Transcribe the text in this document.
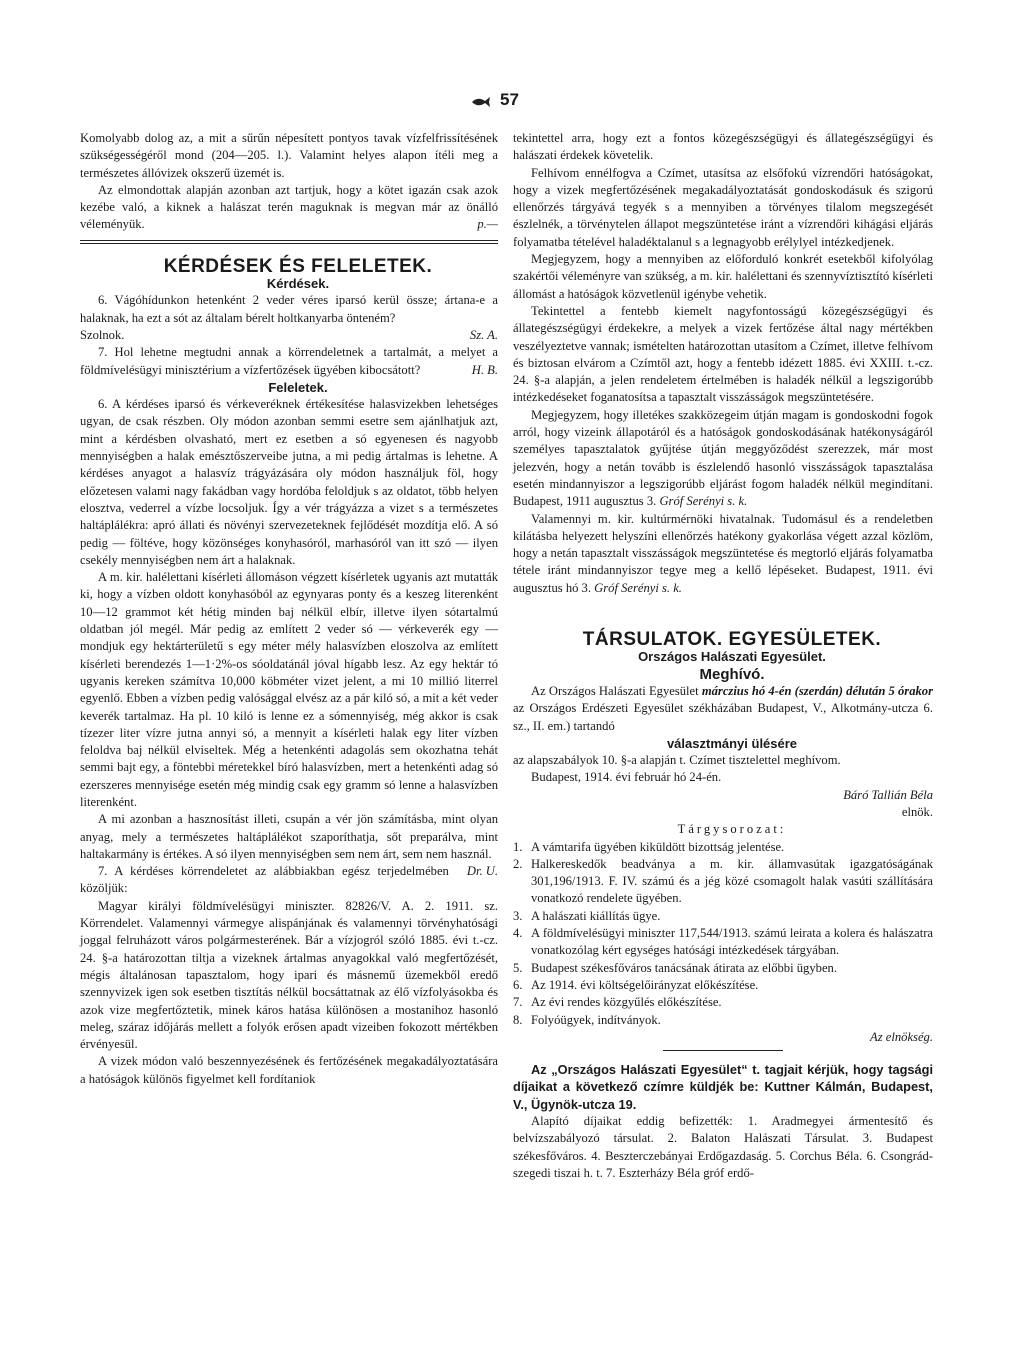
57

Komolyabb dolog az, a mit a sűrűn népesített pontyos tavak vízfelfrissítésének szükségességéről mond (204—205. l.). Valamint helyes alapon ítéli meg a természetes állóvizek okszerű üzemét is.

Az elmondottak alapján azonban azt tartjuk, hogy a kötet igazán csak azok kezébe való, a kiknek a halászat terén maguknak is megvan már az önálló véleményük.	p.—

KÉRDÉSEK ÉS FELELETEK.

Kérdések.

6. Vágóhídunkon hetenként 2 veder véres iparsó kerül össze; ártana-e a halaknak, ha ezt a sót az általam bérelt holtkanyarba önteném?

Szolnok.	Sz. A.

7. Hol lehetne megtudni annak a körrendeletnek a tartalmát, a melyet a földmívelésügyi minisztérium a vízfertőzések ügyében kibocsátott?	H. B.

Feleletek.

6. A kérdéses iparsó és vérkeveréknek értékesítése halasvizekben lehetséges ugyan, de csak részben. Oly módon azonban semmi esetre sem ajánlhatjuk azt, mint a kérdésben olvasható, mert ez esetben a só egyenesen és nagyobb mennyiségben a halak emésztőszerveibe jutna, a mi pedig ártalmas is lehetne. A kérdéses anyagot a halasvíz trágyázására oly módon használjuk föl, hogy előzetesen valami nagy fakádban vagy hordóba feloldjuk s az oldatot, több helyen elosztva, vederrel a vízbe locsoljuk. Így a vér trágyázza a vizet s a természetes haltáplálékra: apró állati és növényi szervezeteknek fejlődését mozdítja elő. A só pedig — föltéve, hogy közönséges konyhasóról, marhasóról van itt szó — ilyen csekély mennyiségben nem árt a halaknak.

A m. kir. halélettani kísérleti állomáson végzett kísérletek ugyanis azt mutatták ki, hogy a vízben oldott konyhasóból az egynyaras ponty és a keszeg literenként 10—12 grammot két hétig minden baj nélkül elbír, illetve ilyen sótartalmú oldatban jól megél. Már pedig az említett 2 veder só — vérkeverék egy — mondjuk egy hektárterületű s egy méter mély halasvízben eloszolva az említett kísérleti berendezés 1—1·2%-os sóoldatánál jóval hígabb lesz. Az egy hektár tó ugyanis kereken számítva 10,000 köbméter vizet jelent, a mi 10 millió literrel egyenlő. Ebben a vízben pedig valósággal elvész az a pár kiló só, a mit a két veder keverék tartalmaz. Ha pl. 10 kiló is lenne ez a sómennyiség, még akkor is csak tízezer liter vízre jutna annyi só, a mennyit a kísérleti halak egy liter vízben feloldva baj nélkül elviseltek. Még a hetenkénti adagolás sem okozhatna tehát semmi bajt egy, a föntebbi méretekkel bíró halasvízben, mert a hetenkénti adag só ezerszeres mennyisége esetén még mindig csak egy gramm só lenne a halasvízben literenként.

A mi azonban a hasznosítást illeti, csupán a vér jön számításba, mint olyan anyag, mely a természetes haltáplálékot szaporíthatja, sőt preparálva, mint haltakarmány is értékes. A só ilyen mennyiségben sem nem árt, sem nem használ.
Dr. U.

7. A kérdéses körrendeletet az alábbiakban egész terjedelmében közöljük:

Magyar királyi földmívelésügyi miniszter. 82826/V. A. 2. 1911. sz. Körrendelet. Valamennyi vármegye alispánjának és valamennyi törvényhatósági joggal felruházott város polgármesterének. Bár a vízjogról szóló 1885. évi t.-cz. 24. §-a határozottan tiltja a vizeknek ártalmas anyagokkal való megfertőzését, mégis általánosan tapasztalom, hogy ipari és másnemű üzemekből eredő szennyvizek igen sok esetben tisztítás nélkül bocsáttatnak az élő vízfolyásokba és azok vize megfertőztetik, minek káros hatása különösen a mostanihoz hasonló meleg, száraz időjárás mellett a folyók erősen apadt vizeiben fokozott mértékben érvényesül.

A vizek módon való beszennyezésének és fertőzésének megakadályoztatására a hatóságok különös figyelmet kell fordítaniok

tekintettel arra, hogy ezt a fontos közegészségügyi és állategészségügyi és halászati érdekek követelik.

Felhívom ennélfogva a Czímet, utasítsa az elsőfokú vízrendőri hatóságokat, hogy a vizek megfertőzésének megakadályoztatását gondoskodásuk és szigorú ellenőrzés tárgyává tegyék s a mennyiben a törvényes tilalom megszegését észlelnék, a törvénytelen állapot megszüntetése iránt a vízrendőri kihágási eljárás folyamatba tételével haladéktalanul s a legnagyobb erélylyel intézkedjenek.

Megjegyzem, hogy a mennyiben az előforduló konkrét esetekből kifolyólag szakértői véleményre van szükség, a m. kir. halélettani és szennyvíztisztító kísérleti állomást a hatóságok közvetlenül igénybe vehetik.

Tekintettel a fentebb kiemelt nagyfontosságú közegészségügyi és állategészségügyi érdekekre, a melyek a vizek fertőzése által nagy mértékben veszélyeztetve vannak; ismételten határozottan utasítom a Czímet, illetve felhívom és biztosan elvárom a Czímtől azt, hogy a fentebb idézett 1885. évi XXIII. t.-cz. 24. §-a alapján, a jelen rendeletem értelmében is haladék nélkül a legszigorúbb intézkedéseket foganatosítsa a tapasztalt visszásságok megszüntetésére.

Megjegyzem, hogy illetékes szakközegeim útján magam is gondoskodni fogok arról, hogy vizeink állapotáról és a hatóságok gondoskodásának hatékonyságáról személyes tapasztalatok gyűjtése útján meggyőződést szerezzek, már most jelezvén, hogy a netán tovább is észlelendő hasonló visszásságok tapasztalása esetén mindannyiszor a legszigorúbb eljárást fogom haladék nélkül megindítani. Budapest, 1911 augusztus 3. Gróf Serényi s. k.

Valamennyi m. kir. kultúrmérnöki hivatalnak. Tudomásul és a rendeletben kilátásba helyezett helyszíni ellenőrzés hatékony gyakorlása végett azzal közlöm, hogy a netán tapasztalt visszásságok megszüntetése és megtorló eljárás folyamatba tétele iránt mindannyiszor tegye meg a kellő lépéseket. Budapest, 1911. évi augusztus hó 3. Gróf Serényi s. k.

TÁRSULATOK. EGYESÜLETEK.

Országos Halászati Egyesület.

Meghívó.

Az Országos Halászati Egyesület márczius hó 4-én (szerdán) délután 5 órakor az Országos Erdészeti Egyesület székházában Budapest, V., Alkotmány-utcza 6. sz., II. em.) tartandó

választmányi ülésére

az alapszabályok 10. §-a alapján t. Czímet tisztelettel meghívom.

Budapest, 1914. évi február hó 24-én.

Báró Tallián Béla

elnök.

Tárgysorozat:

1. A vámtarifa ügyében kiküldött bizottság jelentése.
2. Halkereskedők beadványa a m. kir. államvasútak igazgatóságának 301,196/1913. F. IV. számú és a jég közé csomagolt halak vasúti szállítására vonatkozó rendelete ügyében.
3. A halászati kiállítás ügye.
4. A földmívelésügyi miniszter 117,544/1913. számú leirata a kolera és halászatra vonatkozólag kért egységes hatósági intézkedések tárgyában.
5. Budapest székesfőváros tanácsának átirata az előbbi ügyben.
6. Az 1914. évi költségelőirányzat előkészítése.
7. Az évi rendes közgyűlés előkészítése.
8. Folyóügyek, indítványok.

Az elnökség.

Az „Országos Halászati Egyesület“ t. tagjait kérjük, hogy tagsági díjaikat a következő czímre küldjék be: Kuttner Kálmán, Budapest, V., Ügynök-utcza 19.

Alapító díjaikat eddig befizették: 1. Aradmegyei ármentesítő és belvízszabályozó társulat. 2. Balaton Halászati Társulat. 3. Budapest székesfőváros. 4. Beszterczebányai Erdőgazdaság. 5. Corchus Béla. 6. Csongrád-szegedi tiszai h. t. 7. Eszterházy Béla gróf erdő-
